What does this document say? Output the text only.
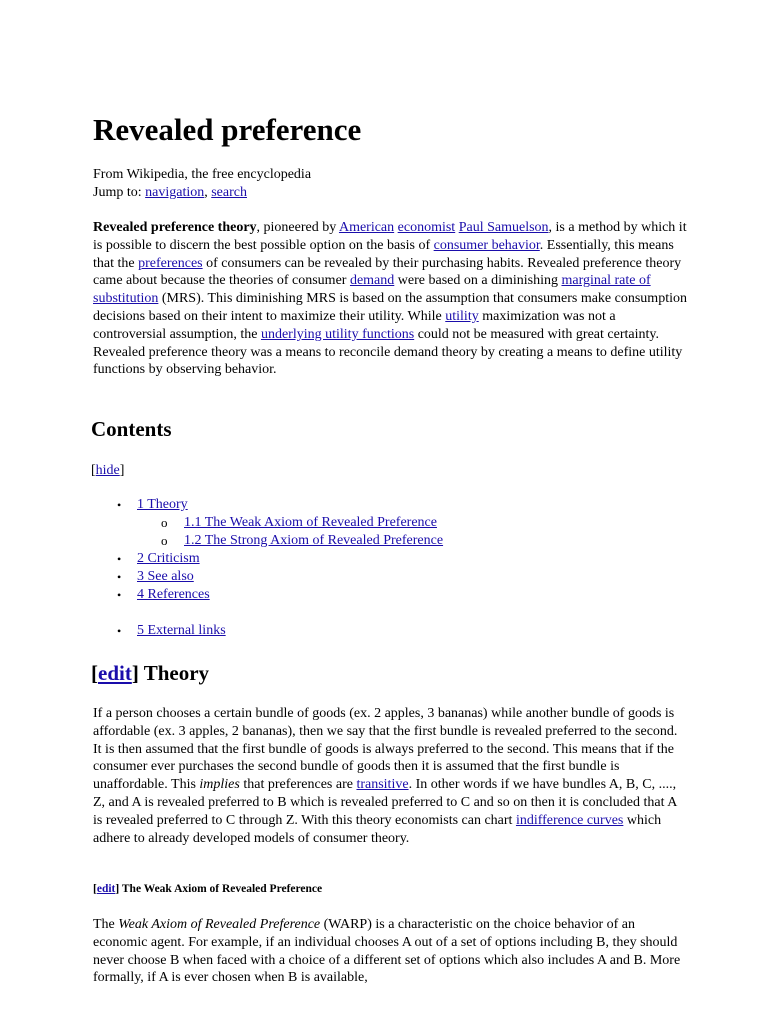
Revealed preference
From Wikipedia, the free encyclopedia
Jump to: navigation, search
Revealed preference theory, pioneered by American economist Paul Samuelson, is a method by which it is possible to discern the best possible option on the basis of consumer behavior. Essentially, this means that the preferences of consumers can be revealed by their purchasing habits. Revealed preference theory came about because the theories of consumer demand were based on a diminishing marginal rate of substitution (MRS). This diminishing MRS is based on the assumption that consumers make consumption decisions based on their intent to maximize their utility. While utility maximization was not a controversial assumption, the underlying utility functions could not be measured with great certainty. Revealed preference theory was a means to reconcile demand theory by creating a means to define utility functions by observing behavior.
Contents
[hide]
• 1 Theory
o 1.1 The Weak Axiom of Revealed Preference
o 1.2 The Strong Axiom of Revealed Preference
• 2 Criticism
• 3 See also
• 4 References
• 5 External links
[edit] Theory
If a person chooses a certain bundle of goods (ex. 2 apples, 3 bananas) while another bundle of goods is affordable (ex. 3 apples, 2 bananas), then we say that the first bundle is revealed preferred to the second. It is then assumed that the first bundle of goods is always preferred to the second. This means that if the consumer ever purchases the second bundle of goods then it is assumed that the first bundle is unaffordable. This implies that preferences are transitive. In other words if we have bundles A, B, C, ...., Z, and A is revealed preferred to B which is revealed preferred to C and so on then it is concluded that A is revealed preferred to C through Z. With this theory economists can chart indifference curves which adhere to already developed models of consumer theory.
[edit] The Weak Axiom of Revealed Preference
The Weak Axiom of Revealed Preference (WARP) is a characteristic on the choice behavior of an economic agent. For example, if an individual chooses A out of a set of options including B, they should never choose B when faced with a choice of a different set of options which also includes A and B. More formally, if A is ever chosen when B is available,
